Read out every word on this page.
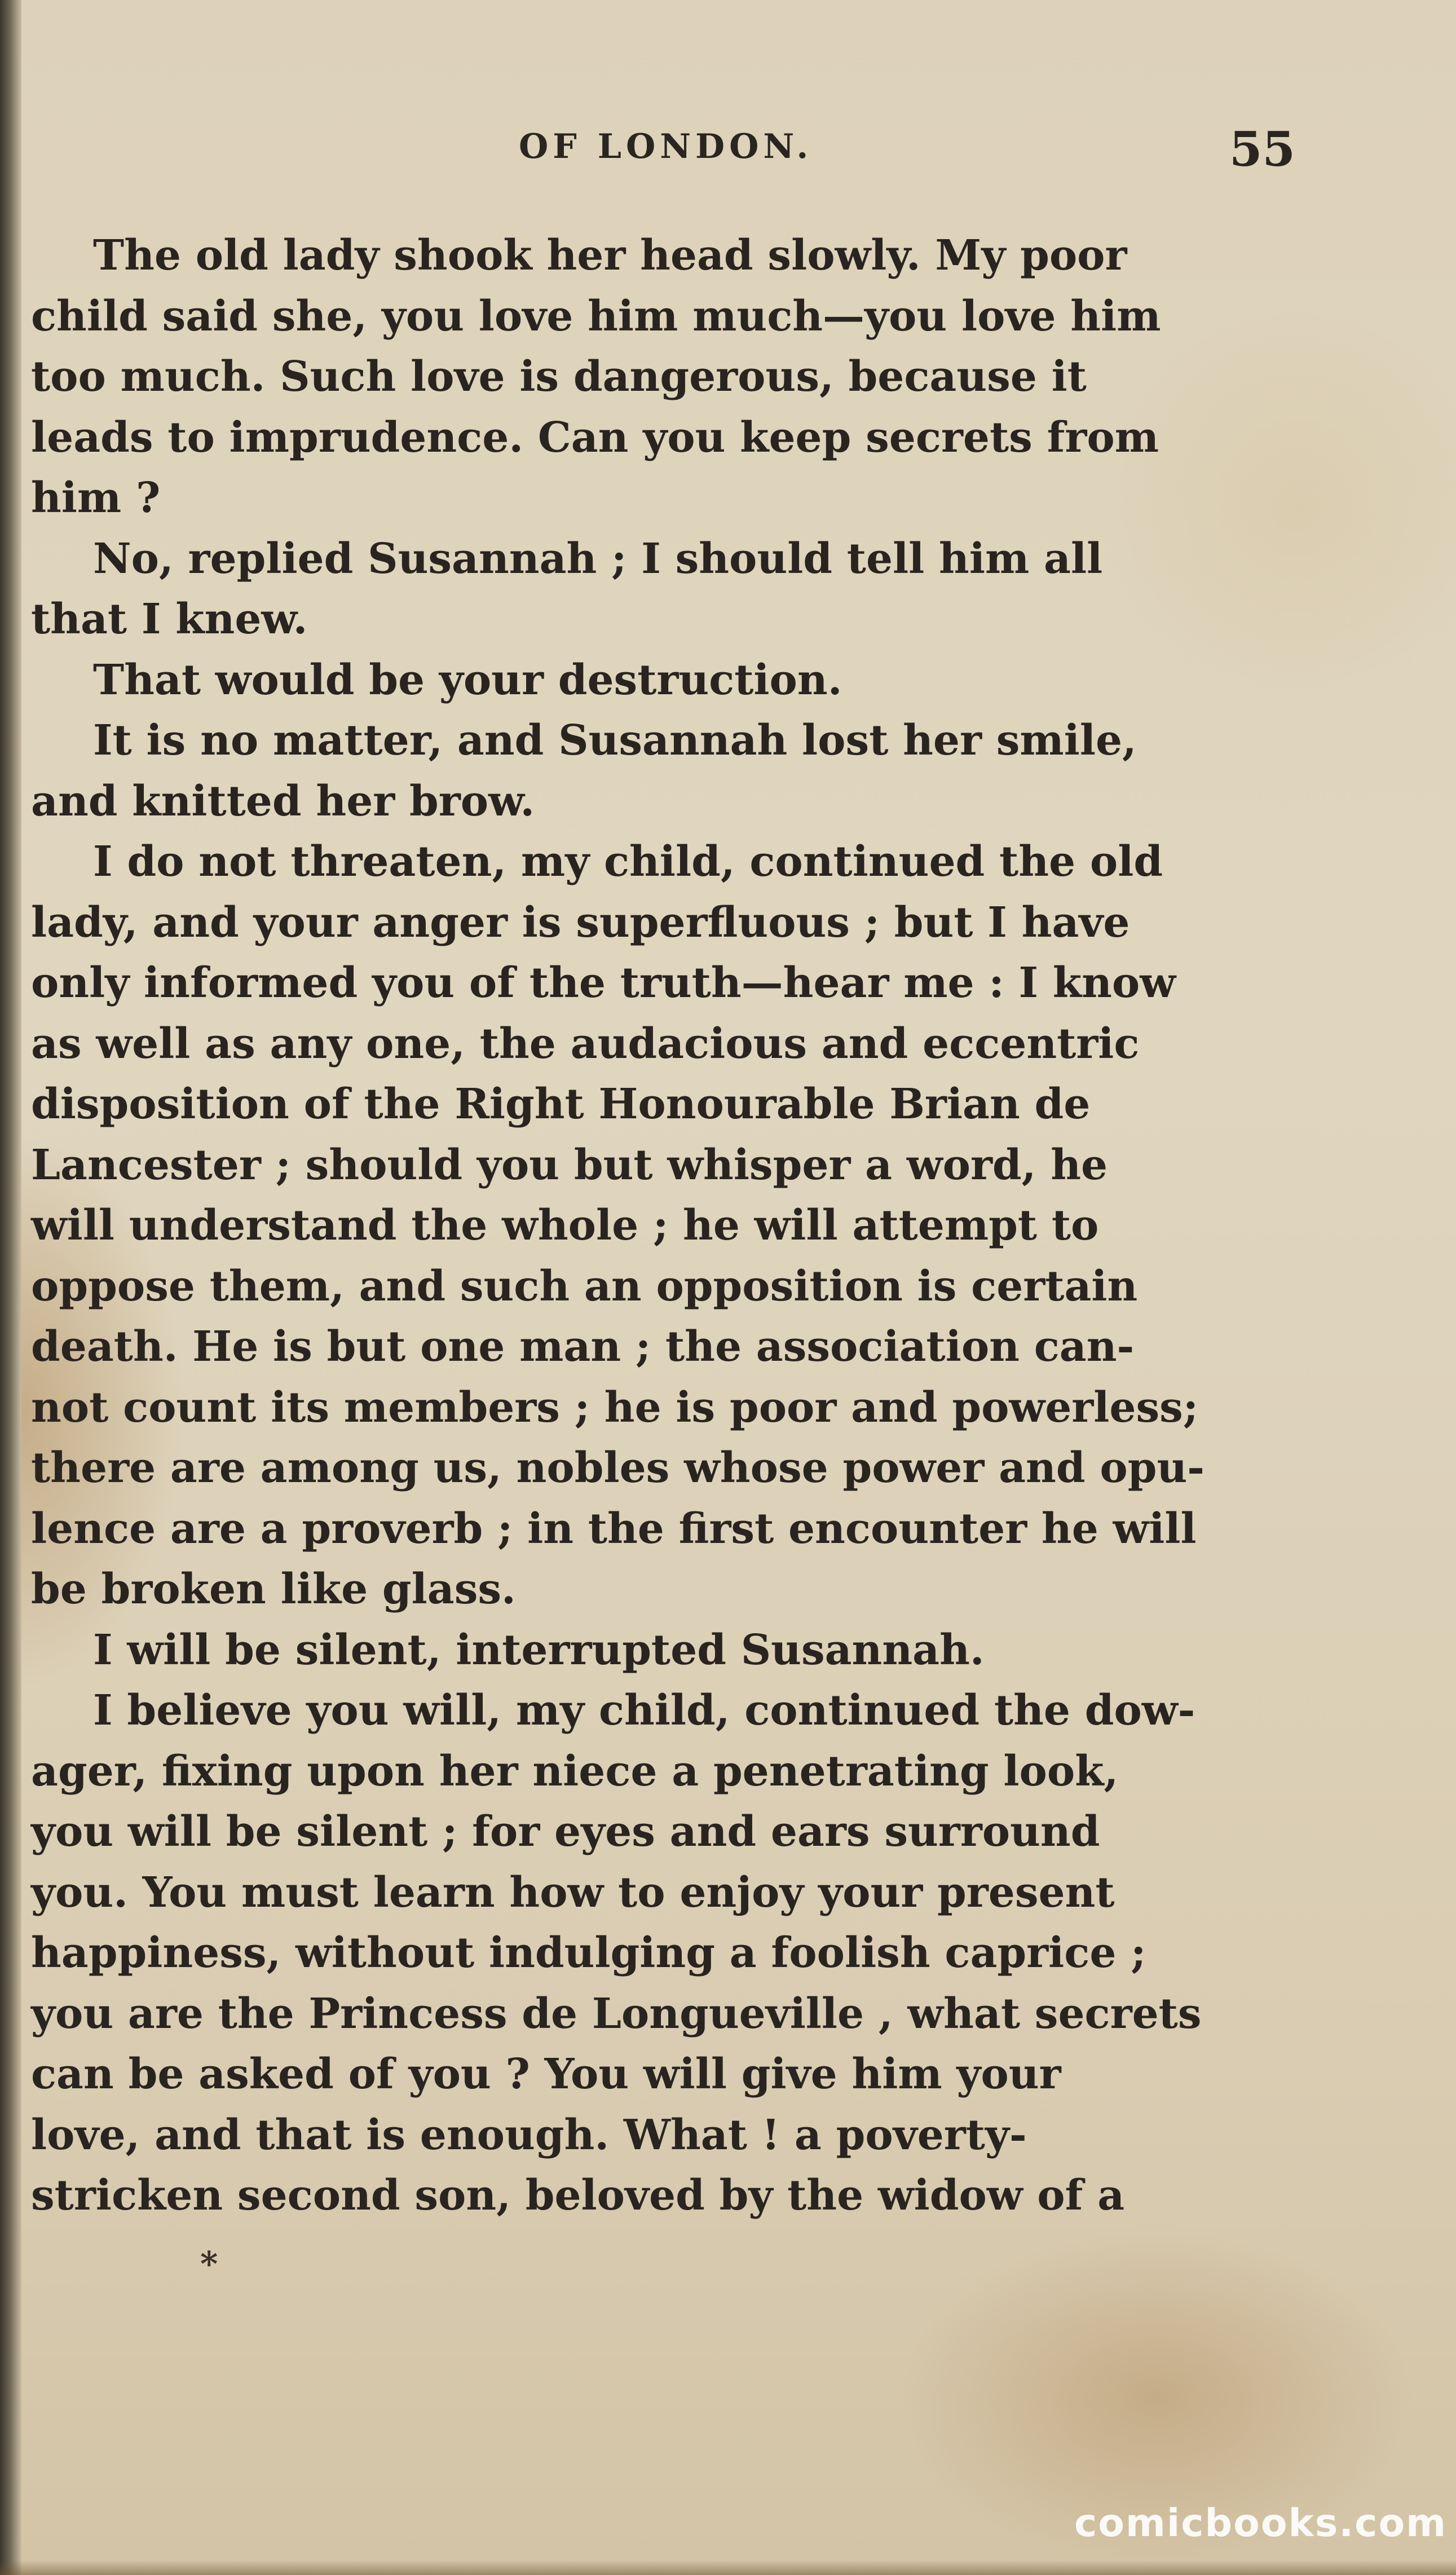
OF LONDON.	55

The old lady shook her head slowly. My poor
child said she, you love him much—you love him
too much. Such love is dangerous, because it
leads to imprudence. Can you keep secrets from
him ?

No, replied Susannah ; I should tell him all
that I knew.

That would be your destruction.

It is no matter, and Susannah lost her smile,
and knitted her brow.

I do not threaten, my child, continued the old
lady, and your anger is superfluous ; but I have
only informed you of the truth—hear me : I know
as well as any one, the audacious and eccentric
disposition of the Right Honourable Brian de
Lancester ; should you but whisper a word, he
will understand the whole ; he will attempt to
oppose them, and such an opposition is certain
death. He is but one man ; the association can-
not count its members ; he is poor and powerless;
there are among us, nobles whose power and opu-
lence are a proverb ; in the first encounter he will
be broken like glass.

I will be silent, interrupted Susannah.

I believe you will, my child, continued the dow-
ager, fixing upon her niece a penetrating look,
you will be silent ; for eyes and ears surround
you. You must learn how to enjoy your present
happiness, without indulging a foolish caprice ;
you are the Princess de Longueville , what secrets
can be asked of you ? You will give him your
love, and that is enough. What ! a poverty-
stricken second son, beloved by the widow of a

*
comicbooks.com
